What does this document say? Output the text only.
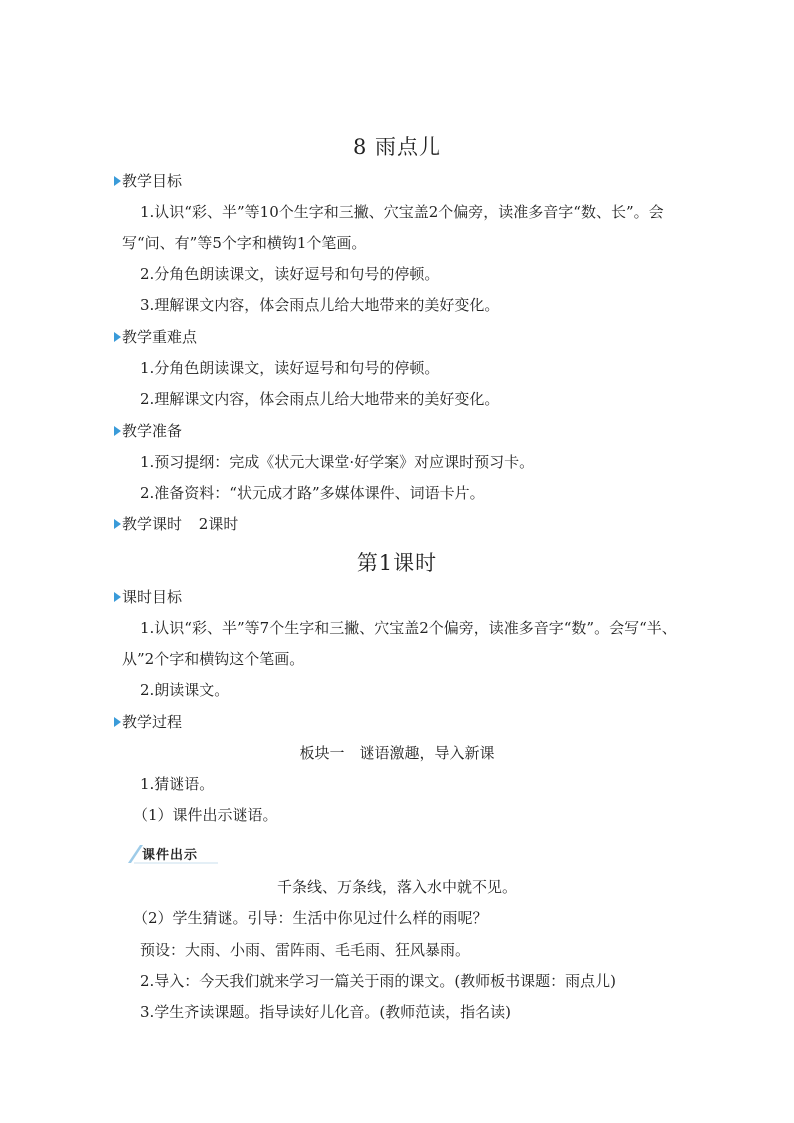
8 雨点儿
教学目标
1.认识“彩、半”等10个生字和三撇、穴宝盖2个偏旁，读准多音字“数、长”。会
写“问、有”等5个字和横钩1个笔画。
2.分角色朗读课文，读好逗号和句号的停顿。
3.理解课文内容，体会雨点儿给大地带来的美好变化。
教学重难点
1.分角色朗读课文，读好逗号和句号的停顿。
2.理解课文内容，体会雨点儿给大地带来的美好变化。
教学准备
1.预习提纲：完成《状元大课堂·好学案》对应课时预习卡。
2.准备资料：“状元成才路”多媒体课件、词语卡片。
教学课时 2课时
第1课时
课时目标
1.认识“彩、半”等7个生字和三撇、穴宝盖2个偏旁，读准多音字“数”。会写“半、
从”2个字和横钩这个笔画。
2.朗读课文。
教学过程
板块一　谜语激趣，导入新课
1.猜谜语。
（1）课件出示谜语。
课件出示
千条线、万条线，落入水中就不见。
（2）学生猜谜。引导：生活中你见过什么样的雨呢？
预设：大雨、小雨、雷阵雨、毛毛雨、狂风暴雨。
2.导入：今天我们就来学习一篇关于雨的课文。(教师板书课题：雨点儿)
3.学生齐读课题。指导读好儿化音。(教师范读，指名读)
